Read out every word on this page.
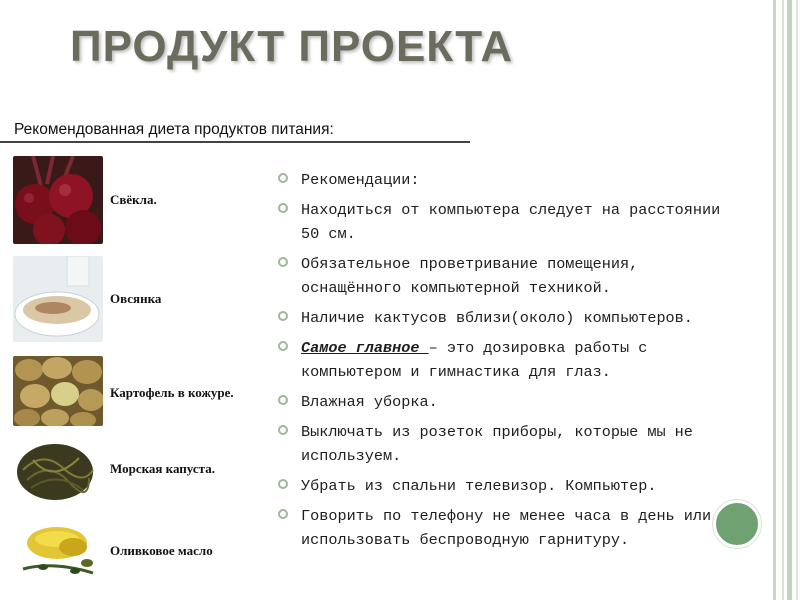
ПРОДУКТ ПРОЕКТА
Рекомендованная диета продуктов питания:
Свёкла.
Овсянка
Картофель в кожуре.
Морская капуста.
Оливковое масло
Рекомендации:
Находиться от компьютера следует на расстоянии 50 см.
Обязательное проветривание помещения, оснащённого компьютерной техникой.
Наличие кактусов вблизи(около) компьютеров.
Самое главное – это дозировка работы с компьютером и гимнастика для глаз.
Влажная уборка.
Выключать из розеток приборы, которые мы не используем.
Убрать из спальни телевизор. Компьютер.
Говорить по телефону не менее часа в день или использовать беспроводную гарнитуру.
